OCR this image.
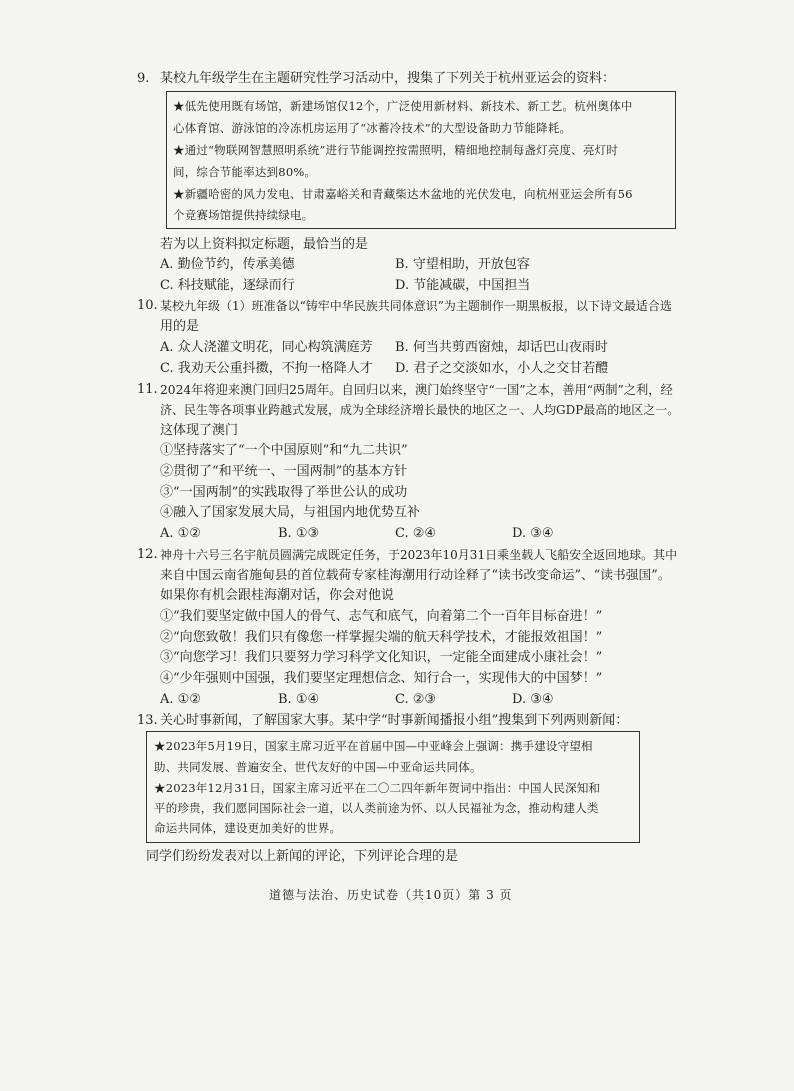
9. 某校九年级学生在主题研究性学习活动中，搜集了下列关于杭州亚运会的资料：
★低先使用既有场馆，新建场馆仅12个，广泛使用新材料、新技术、新工艺。杭州奥体中
心体育馆、游泳馆的冷冻机房运用了“冰蓄冷技术”的大型设备助力节能降耗。
★通过“物联网智慧照明系统”进行节能调控按需照明，精细地控制每盏灯亮度、亮灯时
间，综合节能率达到80%。
★新疆哈密的风力发电、甘肃嘉峪关和青藏柴达木盆地的光伏发电，向杭州亚运会所有56
个竞赛场馆提供持续绿电。
若为以上资料拟定标题，最恰当的是
A. 勤俭节约，传承美德	B. 守望相助，开放包容
C. 科技赋能，逐绿而行	D. 节能减碳，中国担当
10. 某校九年级（1）班准备以“铸牢中华民族共同体意识”为主题制作一期黑板报，以下诗文最适合选
用的是
A. 众人浇灌文明花，同心构筑满庭芳 B. 何当共剪西窗烛，却话巴山夜雨时
C. 我劝天公重抖擞，不拘一格降人才 D. 君子之交淡如水，小人之交甘若醴
11. 2024年将迎来澳门回归25周年。自回归以来，澳门始终坚守“一国”之本，善用“两制”之利，经
济、民生等各项事业跨越式发展，成为全球经济增长最快的地区之一、人均GDP最高的地区之一。
这体现了澳门
①坚持落实了“一个中国原则”和“九二共识”
②贯彻了“和平统一、一国两制”的基本方针
③“一国两制”的实践取得了举世公认的成功
④融入了国家发展大局，与祖国内地优势互补
A. ①②	B. ①③	C. ②④	D. ③④
12. 神舟十六号三名宇航员圆满完成既定任务，于2023年10月31日乘坐载人飞船安全返回地球。其中
来自中国云南省施甸县的首位载荷专家桂海潮用行动诠释了“读书改变命运”、“读书强国”。
如果你有机会跟桂海潮对话，你会对他说
①“我们要坚定做中国人的骨气、志气和底气，向着第二个一百年目标奋进！”
②“向您致敬！我们只有像您一样掌握尖端的航天科学技术，才能报效祖国！”
③“向您学习！我们只要努力学习科学文化知识，一定能全面建成小康社会！”
④“少年强则中国强，我们要坚定理想信念、知行合一，实现伟大的中国梦！”
A. ①②	B. ①④	C. ②③	D. ③④
13. 关心时事新闻，了解国家大事。某中学“时事新闻播报小组”搜集到下列两则新闻：
★2023年5月19日，国家主席习近平在首届中国—中亚峰会上强调：携手建设守望相
助、共同发展、普遍安全、世代友好的中国—中亚命运共同体。
★2023年12月31日，国家主席习近平在二〇二四年新年贺词中指出：中国人民深知和
平的珍贵，我们愿同国际社会一道，以人类前途为怀、以人民福祉为念，推动构建人类
命运共同体，建设更加美好的世界。
同学们纷纷发表对以上新闻的评论，下列评论合理的是
道德与法治、历史试卷（共10页）第 3 页
